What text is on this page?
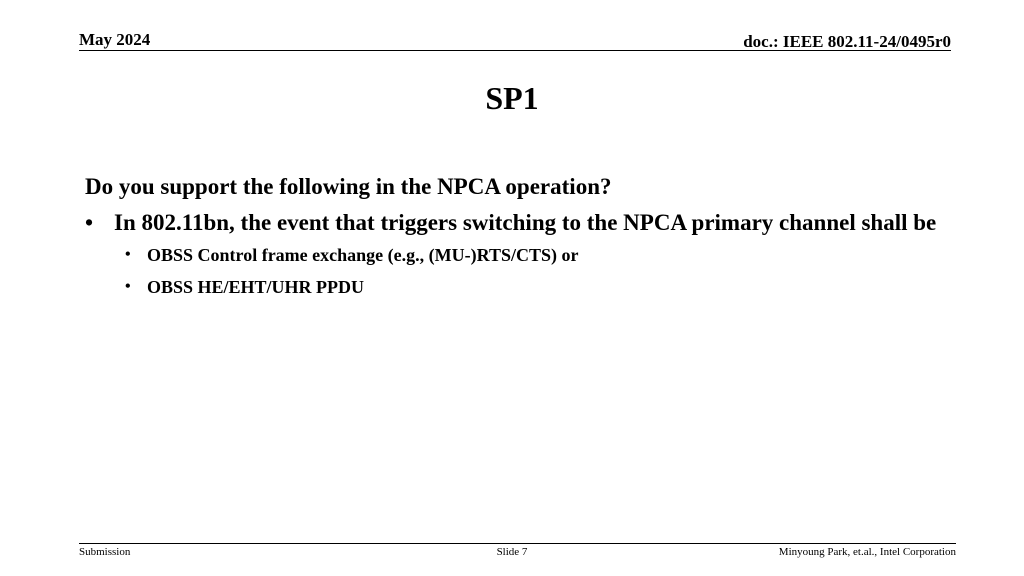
May 2024	doc.: IEEE 802.11-24/0495r0
SP1
Do you support the following in the NPCA operation?
• In 802.11bn, the event that triggers switching to the NPCA primary channel shall be
• OBSS Control frame exchange (e.g., (MU-)RTS/CTS) or
• OBSS HE/EHT/UHR PPDU
Submission	Slide 7	Minyoung Park, et.al., Intel Corporation
